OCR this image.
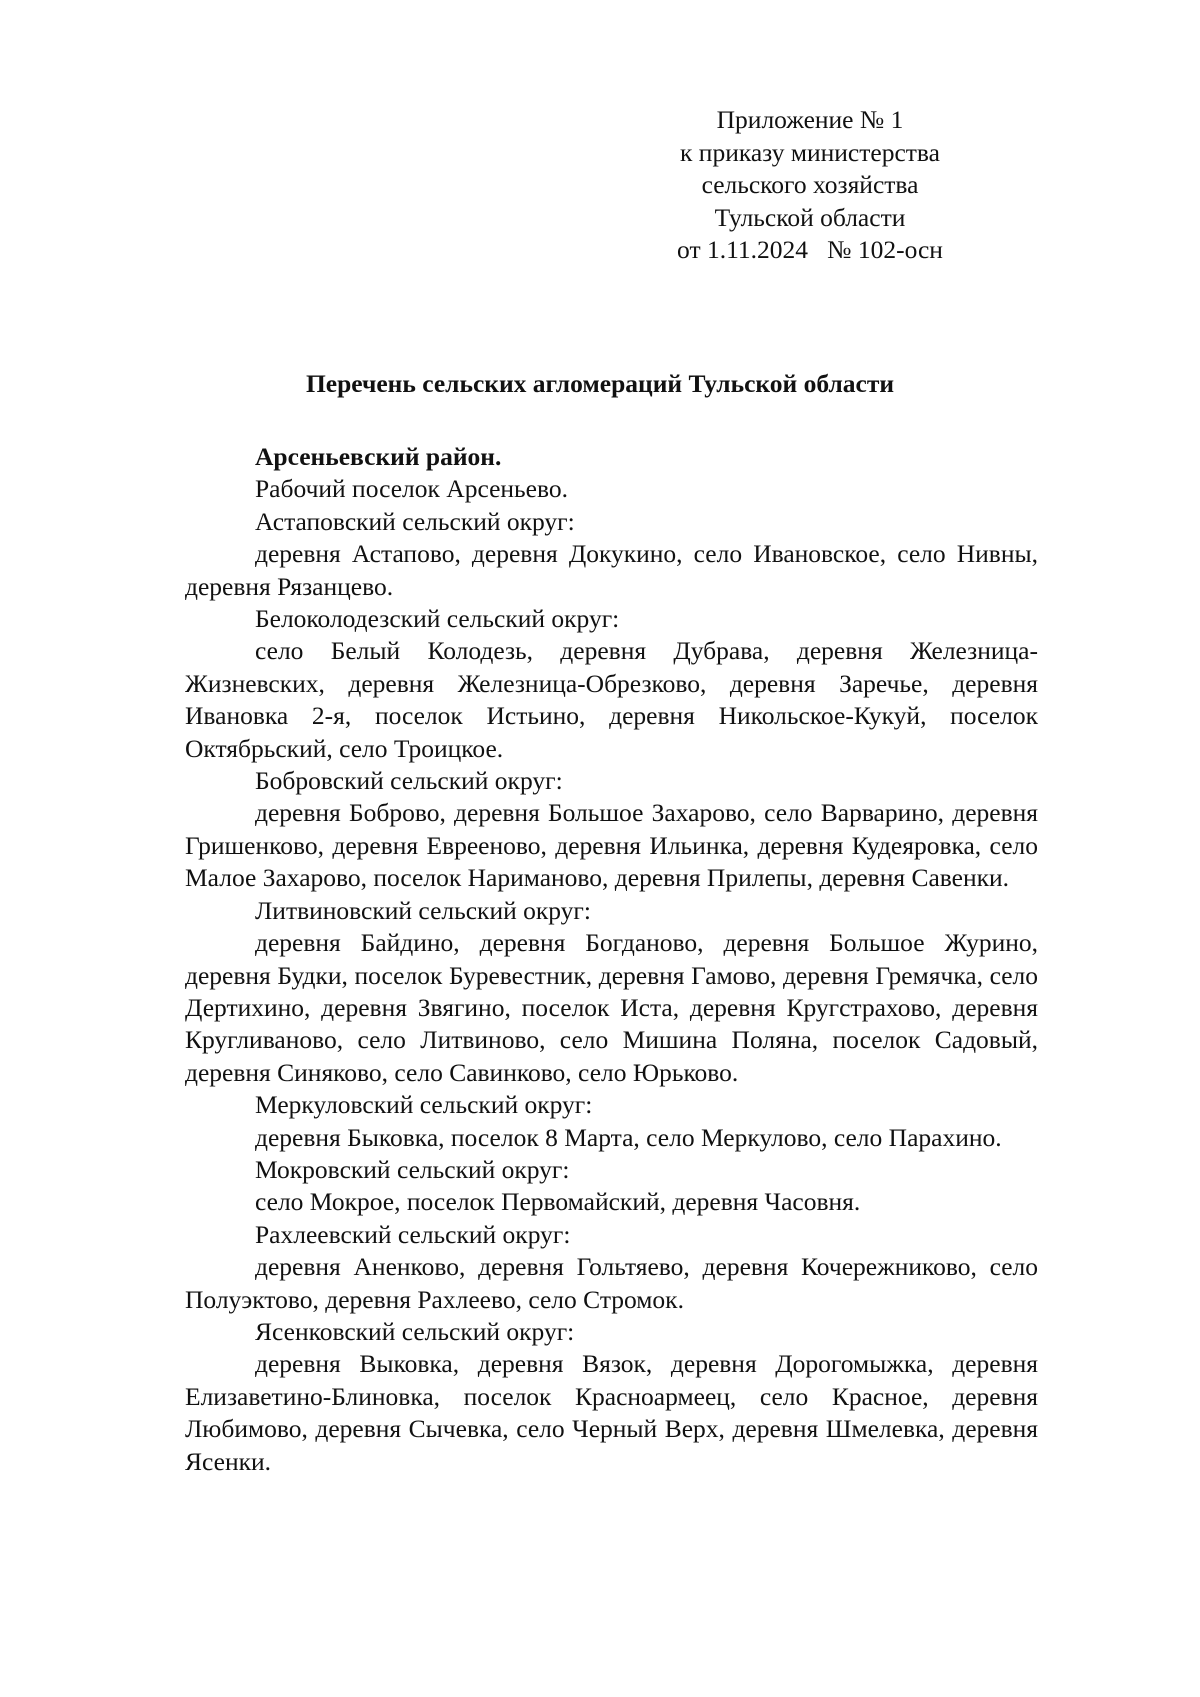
Приложение № 1
к приказу министерства
сельского хозяйства
Тульской области
от 1.11.2024   № 102-осн
Перечень сельских агломераций Тульской области
Арсеньевский район.
Рабочий поселок Арсеньево.
Астаповский сельский округ:
деревня Астапово, деревня Докукино, село Ивановское, село Нивны, деревня Рязанцево.
Белоколодезский сельский округ:
село Белый Колодезь, деревня Дубрава, деревня Железница-Жизневских, деревня Железница-Обрезково, деревня Заречье, деревня Ивановка 2-я, поселок Истьино, деревня Никольское-Кукуй, поселок Октябрьский, село Троицкое.
Бобровский сельский округ:
деревня Боброво, деревня Большое Захарово, село Варварино, деревня Гришенково, деревня Евреeново, деревня Ильинка, деревня Кудеяровка, село Малое Захарово, поселок Нариманово, деревня Прилепы, деревня Савенки.
Литвиновский сельский округ:
деревня Байдино, деревня Богданово, деревня Большое Журино, деревня Будки, поселок Буревестник, деревня Гамово, деревня Гремячка, село Дертихино, деревня Звягино, поселок Иста, деревня Кругстрахово, деревня Кругливаново, село Литвиново, село Мишина Поляна, поселок Садовый, деревня Синяково, село Савинково, село Юрьково.
Меркуловский сельский округ:
деревня Быковка, поселок 8 Марта, село Меркулово, село Парахино.
Мокровский сельский округ:
село Мокрое, поселок Первомайский, деревня Часовня.
Рахлеевский сельский округ:
деревня Аненково, деревня Гольтяево, деревня Кочережниково, село Полуэктово, деревня Рахлеево, село Стромок.
Ясенковский сельский округ:
деревня Выковка, деревня Вязок, деревня Дорогомыжка, деревня Елизаветино-Блиновка, поселок Красноармеец, село Красное, деревня Любимово, деревня Сычевка, село Черный Верх, деревня Шмелевка, деревня Ясенки.
